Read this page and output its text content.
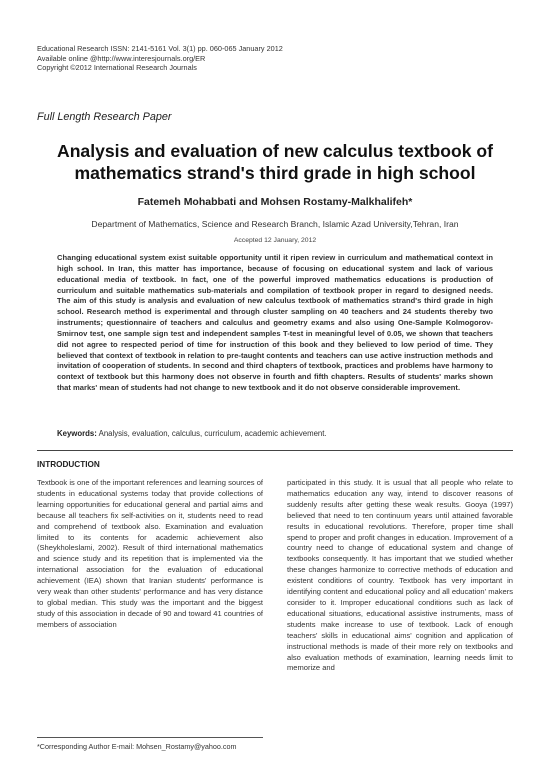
Educational Research ISSN: 2141-5161 Vol. 3(1) pp. 060-065 January 2012
Available online @http://www.interesjournals.org/ER
Copyright ©2012 International Research Journals
Full Length Research Paper
Analysis and evaluation of new calculus textbook of mathematics strand's third grade in high school
Fatemeh Mohabbati and Mohsen Rostamy-Malkhalifeh*
Department of Mathematics, Science and Research Branch, Islamic Azad University,Tehran, Iran
Accepted 12 January, 2012
Changing educational system exist suitable opportunity until it ripen review in curriculum and mathematical context in high school. In Iran, this matter has importance, because of focusing on educational system and lack of various educational media of textbook. In fact, one of the powerful improved mathematics educations is production of curriculum and suitable mathematics sub-materials and compilation of textbook proper in regard to designed needs. The aim of this study is analysis and evaluation of new calculus textbook of mathematics strand's third grade in high school. Research method is experimental and through cluster sampling on 40 teachers and 24 students thereby two instruments; questionnaire of teachers and calculus and geometry exams and also using One-Sample Kolmogorov-Smirnov test, one sample sign test and independent samples T-test in meaningful level of 0.05, we shown that teachers did not agree to respected period of time for instruction of this book and they believed to low period of time. They believed that context of textbook in relation to pre-taught contents and teachers can use active instruction methods and invitation of cooperation of students. In second and third chapters of textbook, practices and problems have harmony to context of textbook but this harmony does not observe in fourth and fifth chapters. Results of students' marks shown that marks' mean of students had not change to new textbook and it do not observe considerable improvement.
Keywords: Analysis, evaluation, calculus, curriculum, academic achievement.
INTRODUCTION
Textbook is one of the important references and learning sources of students in educational systems today that provide collections of learning opportunities for educational general and partial aims and because all teachers fix self-activities on it, students need to read and comprehend of textbook also. Examination and evaluation limited to its contents for academic achievement also (Sheykholeslami, 2002). Result of third international mathematics and science study and its repetition that is implemented via the international association for the evaluation of educational achievement (IEA) shown that Iranian students' performance is very weak than other students' performance and has very distance to global median. This study was the important and the biggest study of this association in decade of 90 and toward 41 countries of members of association
participated in this study. It is usual that all people who relate to mathematics education any way, intend to discover reasons of suddenly results after getting these weak results. Gooya (1997) believed that need to ten continuum years until attained favorable results in educational revolutions. Therefore, proper time shall spend to proper and profit changes in education. Improvement of a country need to change of educational system and change of textbooks consequently. It has important that we studied whether these changes harmonize to corrective methods of education and existent conditions of country. Textbook has very important in identifying content and educational policy and all education' makers consider to it. Improper educational conditions such as lack of educational situations, educational assistive instruments, mass of students make increase to use of textbook. Lack of enough teachers' skills in educational aims' cognition and application of instructional methods is made of their more rely on textbooks and also evaluation methods of examination, learning needs limit to memorize and
*Corresponding Author E-mail: Mohsen_Rostamy@yahoo.com
